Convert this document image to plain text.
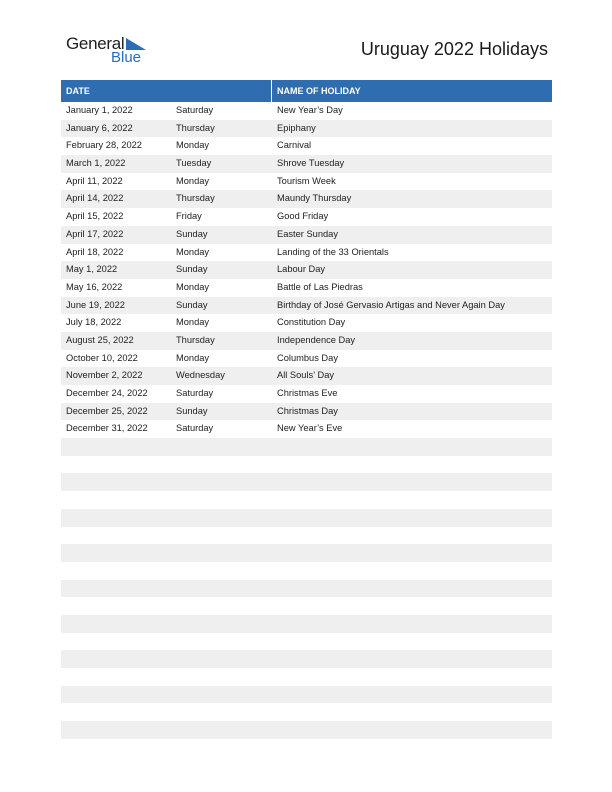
General
Blue	Uruguay 2022 Holidays
DATE	NAME OF HOLIDAY
January 1, 2022	Saturday	New Year’s Day
January 6, 2022	Thursday	Epiphany
February 28, 2022	Monday	Carnival
March 1, 2022	Tuesday	Shrove Tuesday
April 11, 2022	Monday	Tourism Week
April 14, 2022	Thursday	Maundy Thursday
April 15, 2022	Friday	Good Friday
April 17, 2022	Sunday	Easter Sunday
April 18, 2022	Monday	Landing of the 33 Orientals
May 1, 2022	Sunday	Labour Day
May 16, 2022	Monday	Battle of Las Piedras
June 19, 2022	Sunday	Birthday of José Gervasio Artigas and Never Again Day
July 18, 2022	Monday	Constitution Day
August 25, 2022	Thursday	Independence Day
October 10, 2022	Monday	Columbus Day
November 2, 2022	Wednesday	All Souls’ Day
December 24, 2022	Saturday	Christmas Eve
December 25, 2022	Sunday	Christmas Day
December 31, 2022	Saturday	New Year’s Eve
